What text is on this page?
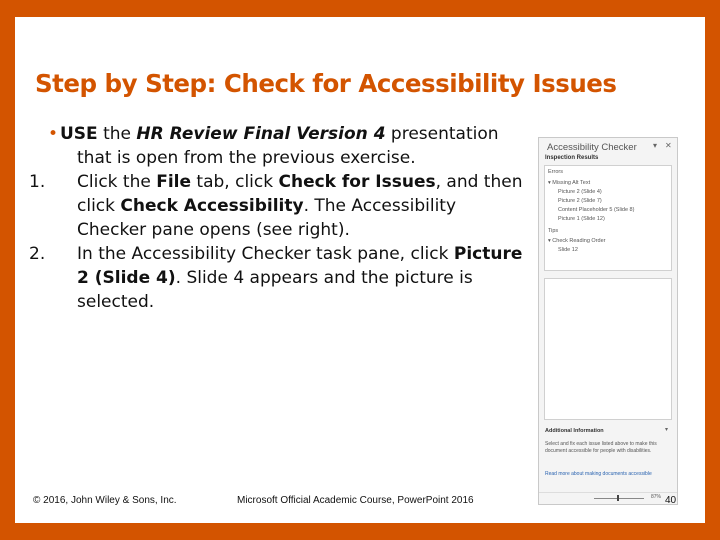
Step by Step: Check for Accessibility Issues
• USE the HR Review Final Version 4 presentation that is open from the previous exercise.
1.	Click the File tab, click Check for Issues, and then click Check Accessibility. The Accessibility Checker pane opens (see right).
2.	In the Accessibility Checker task pane, click Picture 2 (Slide 4). Slide 4 appears and the picture is selected.
Accessibility Checker ▾ ✕
Inspection Results
Errors
▾ Missing Alt Text
Picture 2 (Slide 4)
Picture 2 (Slide 7)
Content Placeholder 5 (Slide 8)
Picture 1 (Slide 12)
Tips
▾ Check Reading Order
Slide 12
Additional Information	▾
Select and fix each issue listed above to make this document accessible for people with disabilities.
Read more about making documents accessible
87%
© 2016, John Wiley & Sons, Inc.	Microsoft Official Academic Course, PowerPoint 2016	40
